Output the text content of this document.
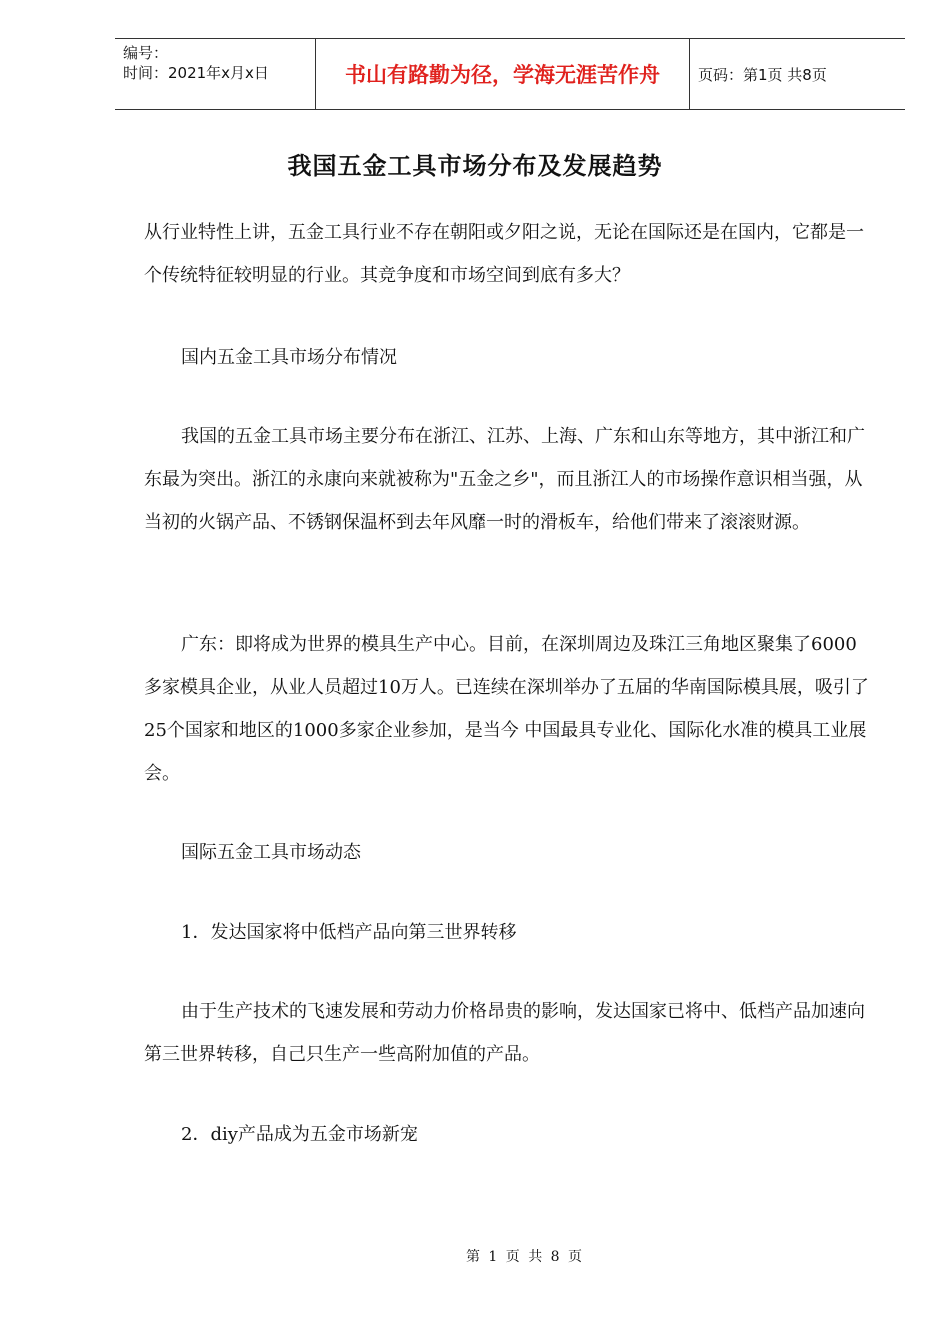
编号：
时间：2021年x月x日	书山有路勤为径，学海无涯苦作舟	页码：第1页 共8页
我国五金工具市场分布及发展趋势

从行业特性上讲，五金工具行业不存在朝阳或夕阳之说，无论在国际还是在国内，它都是一个传统特征较明显的行业。其竞争度和市场空间到底有多大？

国内五金工具市场分布情况

我国的五金工具市场主要分布在浙江、江苏、上海、广东和山东等地方，其中浙江和广东最为突出。浙江的永康向来就被称为"五金之乡"，而且浙江人的市场操作意识相当强，从当初的火锅产品、不锈钢保温杯到去年风靡一时的滑板车，给他们带来了滚滚财源。

广东：即将成为世界的模具生产中心。目前，在深圳周边及珠江三角地区聚集了6000多家模具企业，从业人员超过10万人。已连续在深圳举办了五届的华南国际模具展，吸引了25个国家和地区的1000多家企业参加，是当今 中国最具专业化、国际化水准的模具工业展会。

国际五金工具市场动态

1．发达国家将中低档产品向第三世界转移

由于生产技术的飞速发展和劳动力价格昂贵的影响，发达国家已将中、低档产品加速向第三世界转移，自己只生产一些高附加值的产品。

2．diy产品成为五金市场新宠

第 1 页 共 8 页
